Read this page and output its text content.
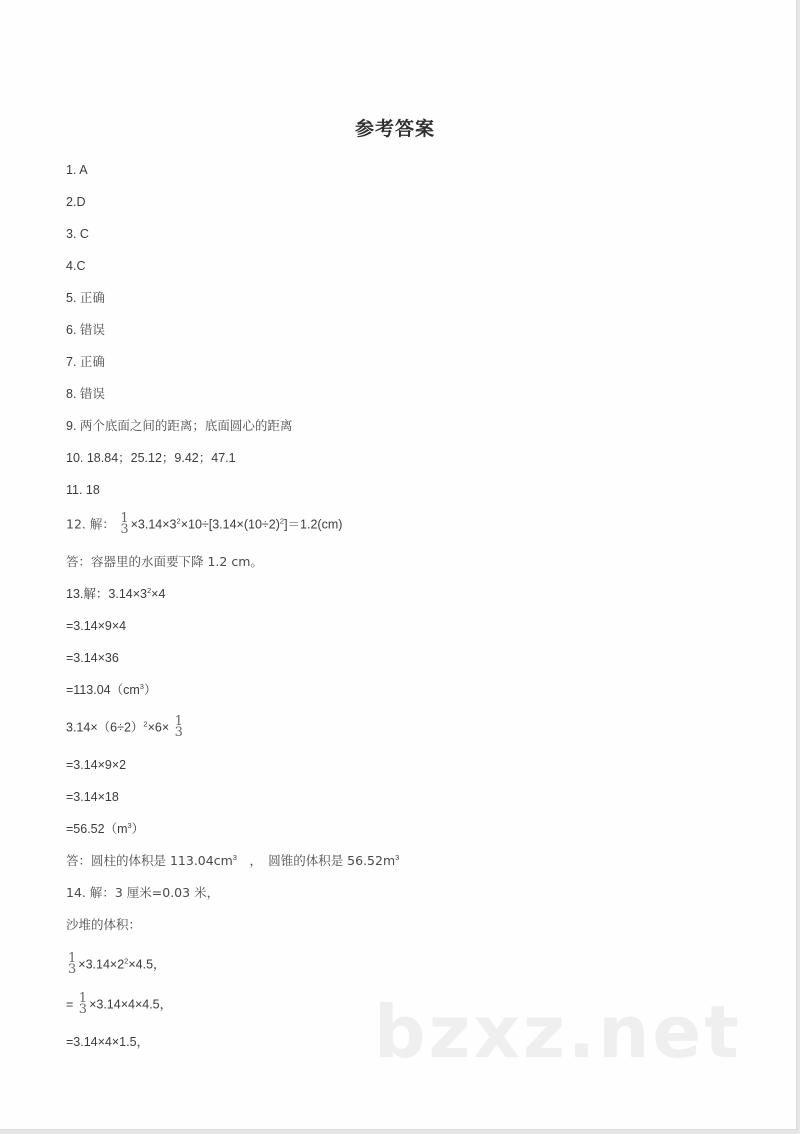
参考答案
1. A
2.D
3. C
4.C
5. 正确
6. 错误
7. 正确
8. 错误
9. 两个底面之间的距离；底面圆心的距离
10. 18.84；25.12；9.42；47.1
11. 18
12. 解： 1
$3 \times 3.14\times 3^2\times 10\div[3.14\times(10\div 2)^2]=1.2(cm)$
答：容器里的水面要下降 1.2 cm。
13.解：$3.14\times 3^2\times 4$
=3.14×9×4
=3.14×36
$=113.04(cm^3)$
$3.14\times(6\div 2)^2\times 6\times 1$
3
=3.14×9×2
=3.14×18
$=56.52(m^3)$
答：圆柱的体积是 $113.04cm^3$　，　圆锥的体积是 $56.52m^3$
14. 解：3 厘米=0.03 米，
沙堆的体积：
1
$3 \times 3.14\times 2^2\times 4.5$，
= 1
3 ×3.14×4×4.5，
=3.14×4×1.5，	bzxz.net
